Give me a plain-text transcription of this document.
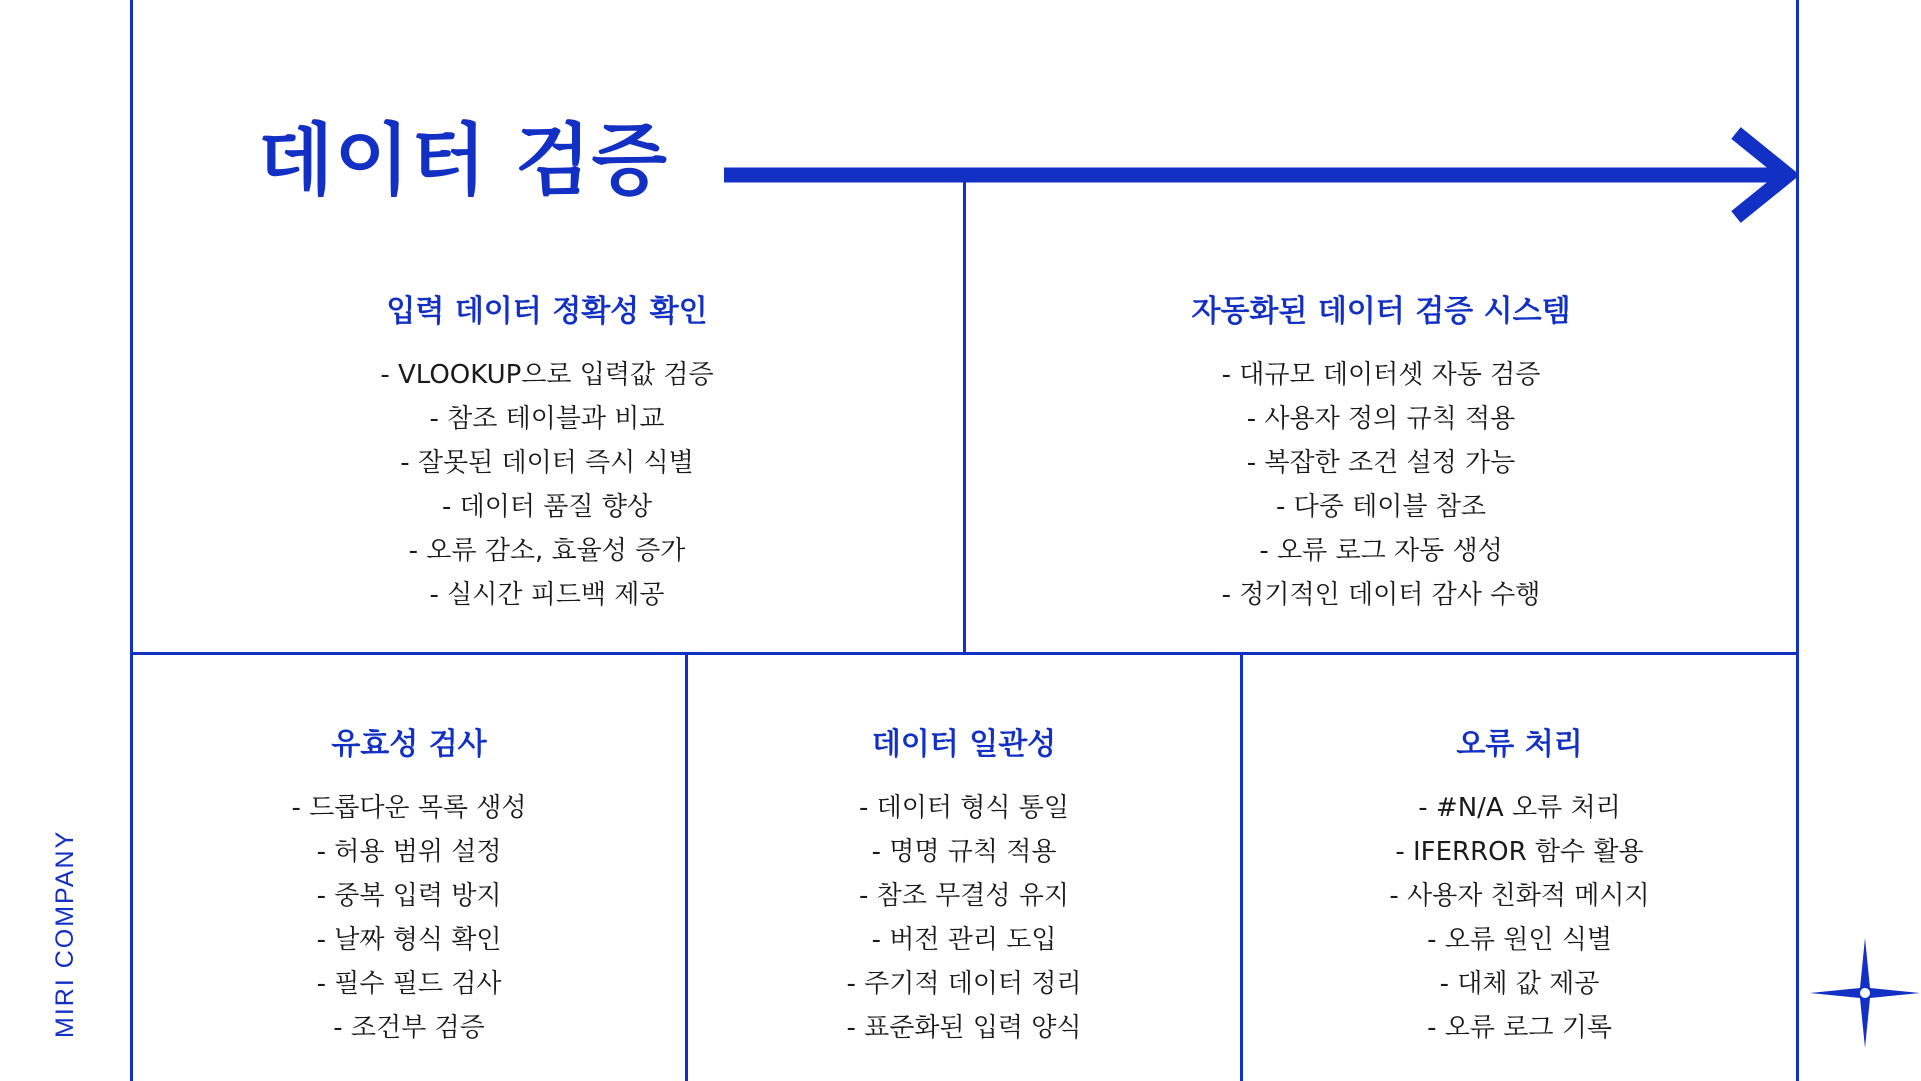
데이터 검증
MIRI COMPANY
입력 데이터 정확성 확인
- VLOOKUP으로 입력값 검증
- 참조 테이블과 비교
- 잘못된 데이터 즉시 식별
- 데이터 품질 향상
- 오류 감소, 효율성 증가
- 실시간 피드백 제공
자동화된 데이터 검증 시스템
- 대규모 데이터셋 자동 검증
- 사용자 정의 규칙 적용
- 복잡한 조건 설정 가능
- 다중 테이블 참조
- 오류 로그 자동 생성
- 정기적인 데이터 감사 수행
유효성 검사
- 드롭다운 목록 생성
- 허용 범위 설정
- 중복 입력 방지
- 날짜 형식 확인
- 필수 필드 검사
- 조건부 검증
데이터 일관성
- 데이터 형식 통일
- 명명 규칙 적용
- 참조 무결성 유지
- 버전 관리 도입
- 주기적 데이터 정리
- 표준화된 입력 양식
오류 처리
- #N/A 오류 처리
- IFERROR 함수 활용
- 사용자 친화적 메시지
- 오류 원인 식별
- 대체 값 제공
- 오류 로그 기록
